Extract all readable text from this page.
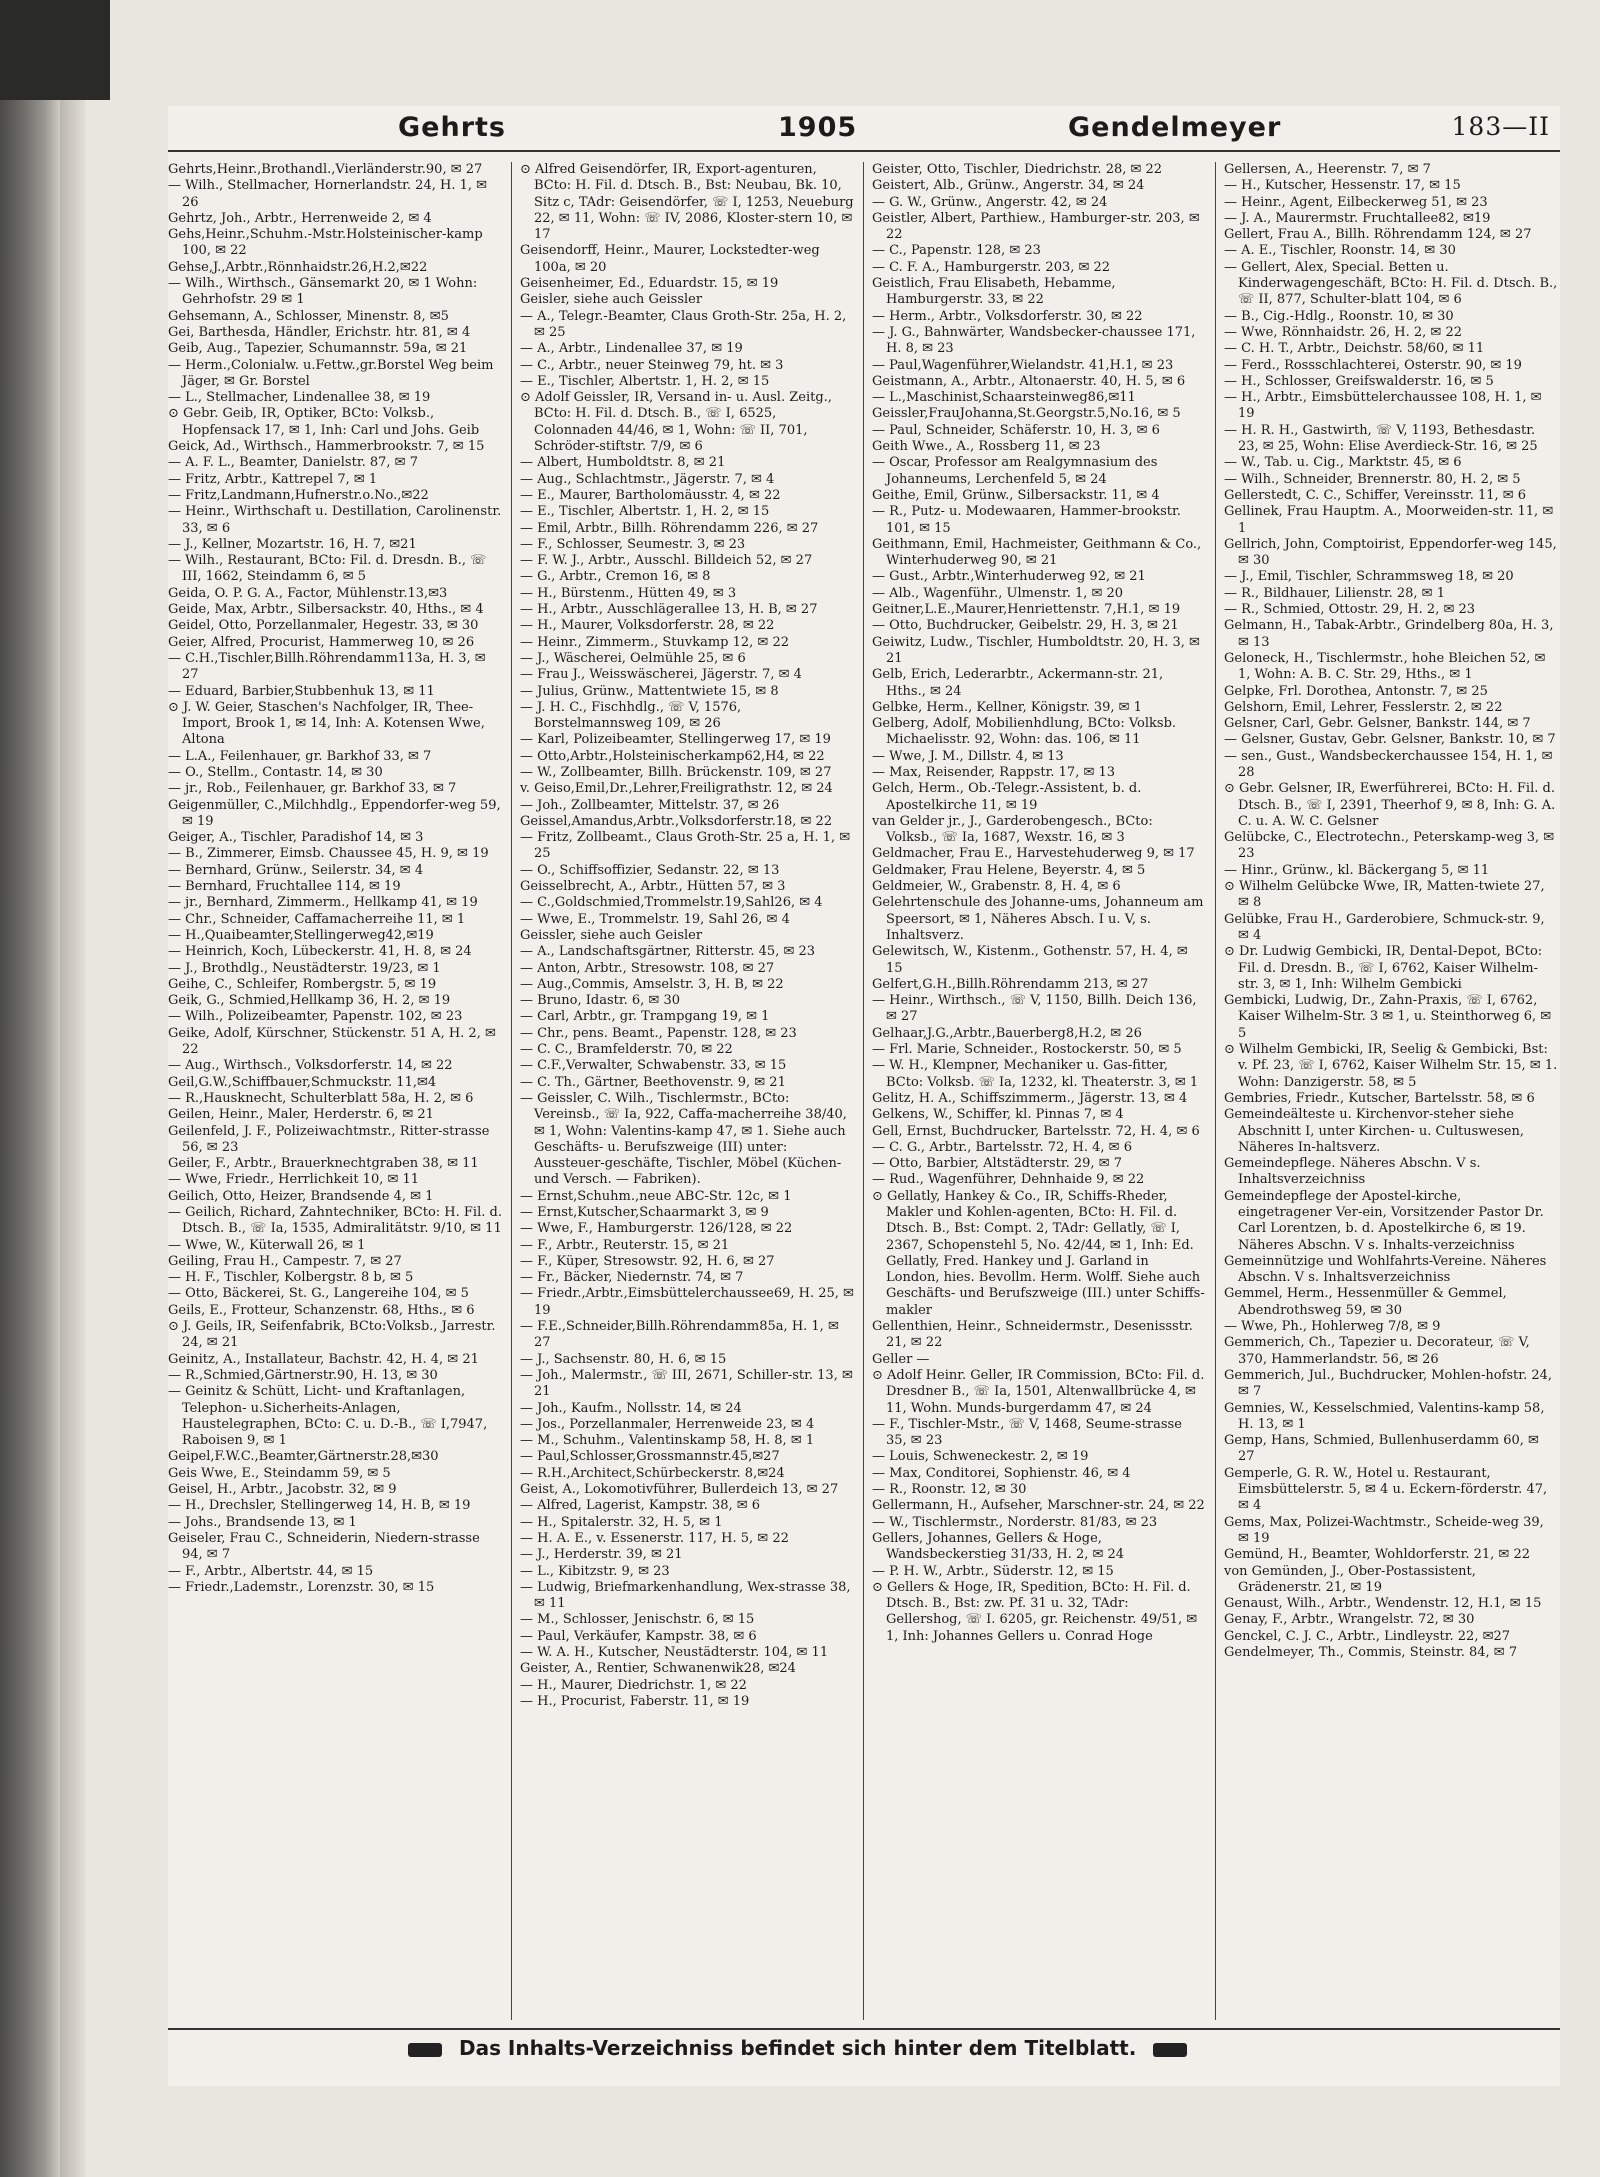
Gehrts	1905	Gendelmeyer	183—II

Gehrts,Heinr.,Brothandl.,Vierländerstr.90, ✉ 27

— Wilh., Stellmacher, Hornerlandstr. 24, H. 1, ✉ 26

Gehrtz, Joh., Arbtr., Herrenweide 2, ✉ 4

Gehs,Heinr.,Schuhm.-Mstr.Holsteinischer-kamp 100, ✉ 22

Gehse,J.,Arbtr.,Rönnhaidstr.26,H.2,✉22

— Wilh., Wirthsch., Gänsemarkt 20, ✉ 1 Wohn: Gehrhofstr. 29 ✉ 1

Gehsemann, A., Schlosser, Minenstr. 8, ✉5

Gei, Barthesda, Händler, Erichstr. htr. 81, ✉ 4

Geib, Aug., Tapezier, Schumannstr. 59a, ✉ 21

— Herm.,Colonialw. u.Fettw.,gr.Borstel Weg beim Jäger, ✉ Gr. Borstel

— L., Stellmacher, Lindenallee 38, ✉ 19

⊙ Gebr. Geib, IR, Optiker, BCto: Volksb., Hopfensack 17, ✉ 1, Inh: Carl und Johs. Geib

Geick, Ad., Wirthsch., Hammerbrookstr. 7, ✉ 15

— A. F. L., Beamter, Danielstr. 87, ✉ 7

— Fritz, Arbtr., Kattrepel 7, ✉ 1

— Fritz,Landmann,Hufnerstr.o.No.,✉22

— Heinr., Wirthschaft u. Destillation, Carolinenstr. 33, ✉ 6

— J., Kellner, Mozartstr. 16, H. 7, ✉21

— Wilh., Restaurant, BCto: Fil. d. Dresdn. B., ☏ III, 1662, Steindamm 6, ✉ 5

Geida, O. P. G. A., Factor, Mühlenstr.13,✉3

Geide, Max, Arbtr., Silbersackstr. 40, Hths., ✉ 4

Geidel, Otto, Porzellanmaler, Hegestr. 33, ✉ 30

Geier, Alfred, Procurist, Hammerweg 10, ✉ 26

— C.H.,Tischler,Billh.Röhrendamm113a, H. 3, ✉ 27

— Eduard, Barbier,Stubbenhuk 13, ✉ 11

⊙ J. W. Geier, Staschen's Nachfolger, IR, Thee-Import, Brook 1, ✉ 14, Inh: A. Kotensen Wwe, Altona

— L.A., Feilenhauer, gr. Barkhof 33, ✉ 7

— O., Stellm., Contastr. 14, ✉ 30

— jr., Rob., Feilenhauer, gr. Barkhof 33, ✉ 7

Geigenmüller, C.,Milchhdlg., Eppendorfer-weg 59, ✉ 19

Geiger, A., Tischler, Paradishof 14, ✉ 3

— B., Zimmerer, Eimsb. Chaussee 45, H. 9, ✉ 19

— Bernhard, Grünw., Seilerstr. 34, ✉ 4

— Bernhard, Fruchtallee 114, ✉ 19

— jr., Bernhard, Zimmerm., Hellkamp 41, ✉ 19

— Chr., Schneider, Caffamacherreihe 11, ✉ 1

— H.,Quaibeamter,Stellingerweg42,✉19

— Heinrich, Koch, Lübeckerstr. 41, H. 8, ✉ 24

— J., Brothdlg., Neustädterstr. 19/23, ✉ 1

Geihe, C., Schleifer, Rombergstr. 5, ✉ 19

Geik, G., Schmied,Hellkamp 36, H. 2, ✉ 19

— Wilh., Polizeibeamter, Papenstr. 102, ✉ 23

Geike, Adolf, Kürschner, Stückenstr. 51 A, H. 2, ✉ 22

— Aug., Wirthsch., Volksdorferstr. 14, ✉ 22

Geil,G.W.,Schiffbauer,Schmuckstr. 11,✉4

— R.,Hausknecht, Schulterblatt 58a, H. 2, ✉ 6

Geilen, Heinr., Maler, Herderstr. 6, ✉ 21

Geilenfeld, J. F., Polizeiwachtmstr., Ritter-strasse 56, ✉ 23

Geiler, F., Arbtr., Brauerknechtgraben 38, ✉ 11

— Wwe, Friedr., Herrlichkeit 10, ✉ 11

Geilich, Otto, Heizer, Brandsende 4, ✉ 1

— Geilich, Richard, Zahntechniker, BCto: H. Fil. d. Dtsch. B., ☏ Ia, 1535, Admiralitätstr. 9/10, ✉ 11

— Wwe, W., Küterwall 26, ✉ 1

Geiling, Frau H., Campestr. 7, ✉ 27

— H. F., Tischler, Kolbergstr. 8 b, ✉ 5

— Otto, Bäckerei, St. G., Langereihe 104, ✉ 5

Geils, E., Frotteur, Schanzenstr. 68, Hths., ✉ 6

⊙ J. Geils, IR, Seifenfabrik, BCto:Volksb., Jarrestr. 24, ✉ 21

Geinitz, A., Installateur, Bachstr. 42, H. 4, ✉ 21

— R.,Schmied,Gärtnerstr.90, H. 13, ✉ 30

— Geinitz & Schütt, Licht- und Kraftanlagen, Telephon- u.Sicherheits-Anlagen, Haustelegraphen, BCto: C. u. D.-B., ☏ I,7947, Raboisen 9, ✉ 1

Geipel,F.W.C.,Beamter,Gärtnerstr.28,✉30

Geis Wwe, E., Steindamm 59, ✉ 5

Geisel, H., Arbtr., Jacobstr. 32, ✉ 9

— H., Drechsler, Stellingerweg 14, H. B, ✉ 19

— Johs., Brandsende 13, ✉ 1

Geiseler, Frau C., Schneiderin, Niedern-strasse 94, ✉ 7

— F., Arbtr., Albertstr. 44, ✉ 15

— Friedr.,Lademstr., Lorenzstr. 30, ✉ 15

⊙ Alfred Geisendörfer, IR, Export-agenturen, BCto: H. Fil. d. Dtsch. B., Bst: Neubau, Bk. 10, Sitz c, TAdr: Geisendörfer, ☏ I, 1253, Neueburg 22, ✉ 11, Wohn: ☏ IV, 2086, Kloster-stern 10, ✉ 17

Geisendorff, Heinr., Maurer, Lockstedter-weg 100a, ✉ 20

Geisenheimer, Ed., Eduardstr. 15, ✉ 19

Geisler, siehe auch Geissler

— A., Telegr.-Beamter, Claus Groth-Str. 25a, H. 2, ✉ 25

— A., Arbtr., Lindenallee 37, ✉ 19

— C., Arbtr., neuer Steinweg 79, ht. ✉ 3

— E., Tischler, Albertstr. 1, H. 2, ✉ 15

⊙ Adolf Geissler, IR, Versand in- u. Ausl. Zeitg., BCto: H. Fil. d. Dtsch. B., ☏ I, 6525, Colonnaden 44/46, ✉ 1, Wohn: ☏ II, 701, Schröder-stiftstr. 7/9, ✉ 6

— Albert, Humboldtstr. 8, ✉ 21

— Aug., Schlachtmstr., Jägerstr. 7, ✉ 4

— E., Maurer, Bartholomäusstr. 4, ✉ 22

— E., Tischler, Albertstr. 1, H. 2, ✉ 15

— Emil, Arbtr., Billh. Röhrendamm 226, ✉ 27

— F., Schlosser, Seumestr. 3, ✉ 23

— F. W. J., Arbtr., Ausschl. Billdeich 52, ✉ 27

— G., Arbtr., Cremon 16, ✉ 8

— H., Bürstenm., Hütten 49, ✉ 3

— H., Arbtr., Ausschlägerallee 13, H. B, ✉ 27

— H., Maurer, Volksdorferstr. 28, ✉ 22

— Heinr., Zimmerm., Stuvkamp 12, ✉ 22

— J., Wäscherei, Oelmühle 25, ✉ 6

— Frau J., Weisswäscherei, Jägerstr. 7, ✉ 4

— Julius, Grünw., Mattentwiete 15, ✉ 8

— J. H. C., Fischhdlg., ☏ V, 1576, Borstelmannsweg 109, ✉ 26

— Karl, Polizeibeamter, Stellingerweg 17, ✉ 19

— Otto,Arbtr.,Holsteinischerkamp62,H4, ✉ 22

— W., Zollbeamter, Billh. Brückenstr. 109, ✉ 27

v. Geiso,Emil,Dr.,Lehrer,Freiligrathstr. 12, ✉ 24

— Joh., Zollbeamter, Mittelstr. 37, ✉ 26

Geissel,Amandus,Arbtr.,Volksdorferstr.18, ✉ 22

— Fritz, Zollbeamt., Claus Groth-Str. 25 a, H. 1, ✉ 25

— O., Schiffsoffizier, Sedanstr. 22, ✉ 13

Geisselbrecht, A., Arbtr., Hütten 57, ✉ 3

— C.,Goldschmied,Trommelstr.19,Sahl26, ✉ 4

— Wwe, E., Trommelstr. 19, Sahl 26, ✉ 4

Geissler, siehe auch Geisler

— A., Landschaftsgärtner, Ritterstr. 45, ✉ 23

— Anton, Arbtr., Stresowstr. 108, ✉ 27

— Aug.,Commis, Amselstr. 3, H. B, ✉ 22

— Bruno, Idastr. 6, ✉ 30

— Carl, Arbtr., gr. Trampgang 19, ✉ 1

— Chr., pens. Beamt., Papenstr. 128, ✉ 23

— C. C., Bramfelderstr. 70, ✉ 22

— C.F.,Verwalter, Schwabenstr. 33, ✉ 15

— C. Th., Gärtner, Beethovenstr. 9, ✉ 21

— Geissler, C. Wilh., Tischlermstr., BCto: Vereinsb., ☏ Ia, 922, Caffa-macherreihe 38/40, ✉ 1, Wohn: Valentins-kamp 47, ✉ 1. Siehe auch Geschäfts- u. Berufszweige (III) unter: Aussteuer-geschäfte, Tischler, Möbel (Küchen- und Versch. — Fabriken).

— Ernst,Schuhm.,neue ABC-Str. 12c, ✉ 1

— Ernst,Kutscher,Schaarmarkt 3, ✉ 9

— Wwe, F., Hamburgerstr. 126/128, ✉ 22

— F., Arbtr., Reuterstr. 15, ✉ 21

— F., Küper, Stresowstr. 92, H. 6, ✉ 27

— Fr., Bäcker, Niedernstr. 74, ✉ 7

— Friedr.,Arbtr.,Eimsbüttelerchaussee69, H. 25, ✉ 19

— F.E.,Schneider,Billh.Röhrendamm85a, H. 1, ✉ 27

— J., Sachsenstr. 80, H. 6, ✉ 15

— Joh., Malermstr., ☏ III, 2671, Schiller-str. 13, ✉ 21

— Joh., Kaufm., Nollsstr. 14, ✉ 24

— Jos., Porzellanmaler, Herrenweide 23, ✉ 4

— M., Schuhm., Valentinskamp 58, H. 8, ✉ 1

— Paul,Schlosser,Grossmannstr.45,✉27

— R.H.,Architect,Schürbeckerstr. 8,✉24

Geist, A., Lokomotivführer, Bullerdeich 13, ✉ 27

— Alfred, Lagerist, Kampstr. 38, ✉ 6

— H., Spitalerstr. 32, H. 5, ✉ 1

— H. A. E., v. Essenerstr. 117, H. 5, ✉ 22

— J., Herderstr. 39, ✉ 21

— L., Kibitzstr. 9, ✉ 23

— Ludwig, Briefmarkenhandlung, Wex-strasse 38, ✉ 11

— M., Schlosser, Jenischstr. 6, ✉ 15

— Paul, Verkäufer, Kampstr. 38, ✉ 6

— W. A. H., Kutscher, Neustädterstr. 104, ✉ 11

Geister, A., Rentier, Schwanenwik28, ✉24

— H., Maurer, Diedrichstr. 1, ✉ 22

— H., Procurist, Faberstr. 11, ✉ 19

Geister, Otto, Tischler, Diedrichstr. 28, ✉ 22

Geistert, Alb., Grünw., Angerstr. 34, ✉ 24

— G. W., Grünw., Angerstr. 42, ✉ 24

Geistler, Albert, Parthiew., Hamburger-str. 203, ✉ 22

— C., Papenstr. 128, ✉ 23

— C. F. A., Hamburgerstr. 203, ✉ 22

Geistlich, Frau Elisabeth, Hebamme, Hamburgerstr. 33, ✉ 22

— Herm., Arbtr., Volksdorferstr. 30, ✉ 22

— J. G., Bahnwärter, Wandsbecker-chaussee 171, H. 8, ✉ 23

— Paul,Wagenführer,Wielandstr. 41,H.1, ✉ 23

Geistmann, A., Arbtr., Altonaerstr. 40, H. 5, ✉ 6

— L.,Maschinist,Schaarsteinweg86,✉11

Geissler,FrauJohanna,St.Georgstr.5,No.16, ✉ 5

— Paul, Schneider, Schäferstr. 10, H. 3, ✉ 6

Geith Wwe., A., Rossberg 11, ✉ 23

— Oscar, Professor am Realgymnasium des Johanneums, Lerchenfeld 5, ✉ 24

Geithe, Emil, Grünw., Silbersackstr. 11, ✉ 4

— R., Putz- u. Modewaaren, Hammer-brookstr. 101, ✉ 15

Geithmann, Emil, Hachmeister, Geithmann & Co., Winterhuderweg 90, ✉ 21

— Gust., Arbtr.,Winterhuderweg 92, ✉ 21

— Alb., Wagenführ., Ulmenstr. 1, ✉ 20

Geitner,L.E.,Maurer,Henriettenstr. 7,H.1, ✉ 19

— Otto, Buchdrucker, Geibelstr. 29, H. 3, ✉ 21

Geiwitz, Ludw., Tischler, Humboldtstr. 20, H. 3, ✉ 21

Gelb, Erich, Lederarbtr., Ackermann-str. 21, Hths., ✉ 24

Gelbke, Herm., Kellner, Königstr. 39, ✉ 1

Gelberg, Adolf, Mobilienhdlung, BCto: Volksb. Michaelisstr. 92, Wohn: das. 106, ✉ 11

— Wwe, J. M., Dillstr. 4, ✉ 13

— Max, Reisender, Rappstr. 17, ✉ 13

Gelch, Herm., Ob.-Telegr.-Assistent, b. d. Apostelkirche 11, ✉ 19

van Gelder jr., J., Garderobengesch., BCto: Volksb., ☏ Ia, 1687, Wexstr. 16, ✉ 3

Geldmacher, Frau E., Harvestehuderweg 9, ✉ 17

Geldmaker, Frau Helene, Beyerstr. 4, ✉ 5

Geldmeier, W., Grabenstr. 8, H. 4, ✉ 6

Gelehrtenschule des Johanne-ums, Johanneum am Speersort, ✉ 1, Näheres Absch. I u. V, s. Inhaltsverz.

Gelewitsch, W., Kistenm., Gothenstr. 57, H. 4, ✉ 15

Gelfert,G.H.,Billh.Röhrendamm 213, ✉ 27

— Heinr., Wirthsch., ☏ V, 1150, Billh. Deich 136, ✉ 27

Gelhaar,J.G.,Arbtr.,Bauerberg8,H.2, ✉ 26

— Frl. Marie, Schneider., Rostockerstr. 50, ✉ 5

— W. H., Klempner, Mechaniker u. Gas-fitter, BCto: Volksb. ☏ Ia, 1232, kl. Theaterstr. 3, ✉ 1

Gelitz, H. A., Schiffszimmerm., Jägerstr. 13, ✉ 4

Gelkens, W., Schiffer, kl. Pinnas 7, ✉ 4

Gell, Ernst, Buchdrucker, Bartelsstr. 72, H. 4, ✉ 6

— C. G., Arbtr., Bartelsstr. 72, H. 4, ✉ 6

— Otto, Barbier, Altstädterstr. 29, ✉ 7

— Rud., Wagenführer, Dehnhaide 9, ✉ 22

⊙ Gellatly, Hankey & Co., IR, Schiffs-Rheder, Makler und Kohlen-agenten, BCto: H. Fil. d. Dtsch. B., Bst: Compt. 2, TAdr: Gellatly, ☏ I, 2367, Schopenstehl 5, No. 42/44, ✉ 1, Inh: Ed. Gellatly, Fred. Hankey und J. Garland in London, hies. Bevollm. Herm. Wolff. Siehe auch Geschäfts- und Berufszweige (III.) unter Schiffs-makler

Gellenthien, Heinr., Schneidermstr., Desenissstr. 21, ✉ 22

Geller —

⊙ Adolf Heinr. Geller, IR Commission, BCto: Fil. d. Dresdner B., ☏ Ia, 1501, Altenwallbrücke 4, ✉ 11, Wohn. Munds-burgerdamm 47, ✉ 24

— F., Tischler-Mstr., ☏ V, 1468, Seume-strasse 35, ✉ 23

— Louis, Schweneckestr. 2, ✉ 19

— Max, Conditorei, Sophienstr. 46, ✉ 4

— R., Roonstr. 12, ✉ 30

Gellermann, H., Aufseher, Marschner-str. 24, ✉ 22

— W., Tischlermstr., Norderstr. 81/83, ✉ 23

Gellers, Johannes, Gellers & Hoge, Wandsbeckerstieg 31/33, H. 2, ✉ 24

— P. H. W., Arbtr., Süderstr. 12, ✉ 15

⊙ Gellers & Hoge, IR, Spedition, BCto: H. Fil. d. Dtsch. B., Bst: zw. Pf. 31 u. 32, TAdr: Gellershog, ☏ I. 6205, gr. Reichenstr. 49/51, ✉ 1, Inh: Johannes Gellers u. Conrad Hoge

Gellersen, A., Heerenstr. 7, ✉ 7

— H., Kutscher, Hessenstr. 17, ✉ 15

— Heinr., Agent, Eilbeckerweg 51, ✉ 23

— J. A., Maurermstr. Fruchtallee82, ✉19

Gellert, Frau A., Billh. Röhrendamm 124, ✉ 27

— A. E., Tischler, Roonstr. 14, ✉ 30

— Gellert, Alex, Special. Betten u. Kinderwagengeschäft, BCto: H. Fil. d. Dtsch. B., ☏ II, 877, Schulter-blatt 104, ✉ 6

— B., Cig.-Hdlg., Roonstr. 10, ✉ 30

— Wwe, Rönnhaidstr. 26, H. 2, ✉ 22

— C. H. T., Arbtr., Deichstr. 58/60, ✉ 11

— Ferd., Rossschlachterei, Osterstr. 90, ✉ 19

— H., Schlosser, Greifswalderstr. 16, ✉ 5

— H., Arbtr., Eimsbüttelerchaussee 108, H. 1, ✉ 19

— H. R. H., Gastwirth, ☏ V, 1193, Bethesdastr. 23, ✉ 25, Wohn: Elise Averdieck-Str. 16, ✉ 25

— W., Tab. u. Cig., Marktstr. 45, ✉ 6

— Wilh., Schneider, Brennerstr. 80, H. 2, ✉ 5

Gellerstedt, C. C., Schiffer, Vereinsstr. 11, ✉ 6

Gellinek, Frau Hauptm. A., Moorweiden-str. 11, ✉ 1

Gellrich, John, Comptoirist, Eppendorfer-weg 145, ✉ 30

— J., Emil, Tischler, Schrammsweg 18, ✉ 20

— R., Bildhauer, Lilienstr. 28, ✉ 1

— R., Schmied, Ottostr. 29, H. 2, ✉ 23

Gelmann, H., Tabak-Arbtr., Grindelberg 80a, H. 3, ✉ 13

Geloneck, H., Tischlermstr., hohe Bleichen 52, ✉ 1, Wohn: A. B. C. Str. 29, Hths., ✉ 1

Gelpke, Frl. Dorothea, Antonstr. 7, ✉ 25

Gelshorn, Emil, Lehrer, Fesslerstr. 2, ✉ 22

Gelsner, Carl, Gebr. Gelsner, Bankstr. 144, ✉ 7

— Gelsner, Gustav, Gebr. Gelsner, Bankstr. 10, ✉ 7

— sen., Gust., Wandsbeckerchaussee 154, H. 1, ✉ 28

⊙ Gebr. Gelsner, IR, Ewerführerei, BCto: H. Fil. d. Dtsch. B., ☏ I, 2391, Theerhof 9, ✉ 8, Inh: G. A. C. u. A. W. C. Gelsner

Gelübcke, C., Electrotechn., Peterskamp-weg 3, ✉ 23

— Hinr., Grünw., kl. Bäckergang 5, ✉ 11

⊙ Wilhelm Gelübcke Wwe, IR, Matten-twiete 27, ✉ 8

Gelübke, Frau H., Garderobiere, Schmuck-str. 9, ✉ 4

⊙ Dr. Ludwig Gembicki, IR, Dental-Depot, BCto: Fil. d. Dresdn. B., ☏ I, 6762, Kaiser Wilhelm-str. 3, ✉ 1, Inh: Wilhelm Gembicki

Gembicki, Ludwig, Dr., Zahn-Praxis, ☏ I, 6762, Kaiser Wilhelm-Str. 3 ✉ 1, u. Steinthorweg 6, ✉ 5

⊙ Wilhelm Gembicki, IR, Seelig & Gembicki, Bst: v. Pf. 23, ☏ I, 6762, Kaiser Wilhelm Str. 15, ✉ 1. Wohn: Danzigerstr. 58, ✉ 5

Gembries, Friedr., Kutscher, Bartelsstr. 58, ✉ 6

Gemeindeälteste u. Kirchenvor-steher siehe Abschnitt I, unter Kirchen- u. Cultuswesen, Näheres In-haltsverz.

Gemeindepflege. Näheres Abschn. V s. Inhaltsverzeichniss

Gemeindepflege der Apostel-kirche, eingetragener Ver-ein, Vorsitzender Pastor Dr. Carl Lorentzen, b. d. Apostelkirche 6, ✉ 19. Näheres Abschn. V s. Inhalts-verzeichniss

Gemeinnützige und Wohlfahrts-Vereine. Näheres Abschn. V s. Inhaltsverzeichniss

Gemmel, Herm., Hessenmüller & Gemmel, Abendrothsweg 59, ✉ 30

— Wwe, Ph., Hohlerweg 7/8, ✉ 9

Gemmerich, Ch., Tapezier u. Decorateur, ☏ V, 370, Hammerlandstr. 56, ✉ 26

Gemmerich, Jul., Buchdrucker, Mohlen-hofstr. 24, ✉ 7

Gemnies, W., Kesselschmied, Valentins-kamp 58, H. 13, ✉ 1

Gemp, Hans, Schmied, Bullenhuserdamm 60, ✉ 27

Gemperle, G. R. W., Hotel u. Restaurant, Eimsbüttelerstr. 5, ✉ 4 u. Eckern-förderstr. 47, ✉ 4

Gems, Max, Polizei-Wachtmstr., Scheide-weg 39, ✉ 19

Gemünd, H., Beamter, Wohldorferstr. 21, ✉ 22

von Gemünden, J., Ober-Postassistent, Grädenerstr. 21, ✉ 19

Genaust, Wilh., Arbtr., Wendenstr. 12, H.1, ✉ 15

Genay, F., Arbtr., Wrangelstr. 72, ✉ 30

Genckel, C. J. C., Arbtr., Lindleystr. 22, ✉27

Gendelmeyer, Th., Commis, Steinstr. 84, ✉ 7

Das Inhalts-Verzeichniss befindet sich hinter dem Titelblatt.
